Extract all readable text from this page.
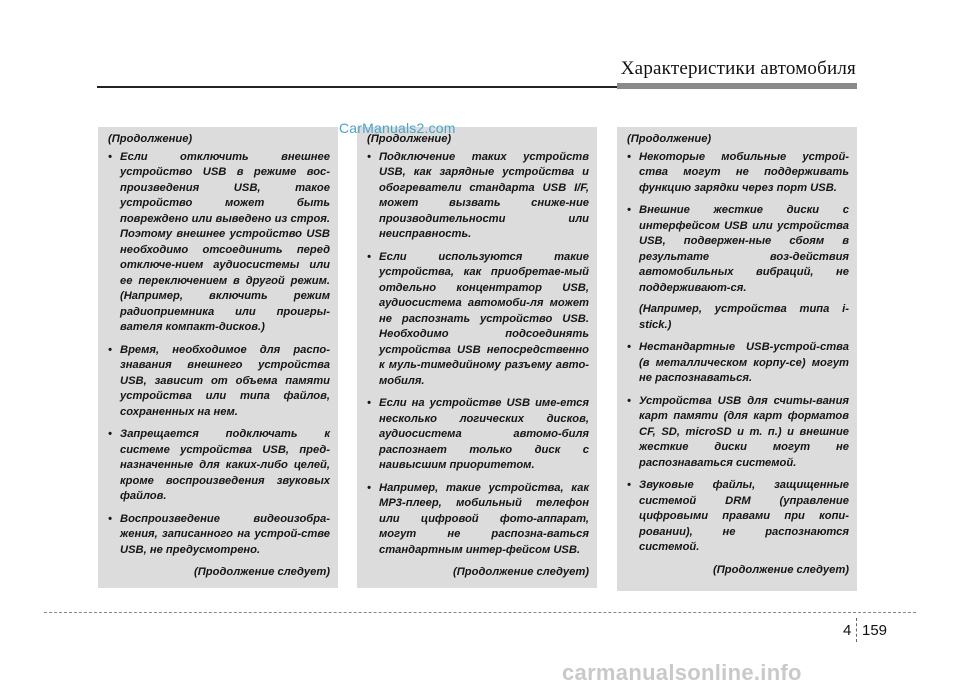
Характеристики автомобиля

(Продолжение)

• Если отключить внешнее устройство USB в режиме вос-произведения USB, такое устройство может быть повреждено или выведено из строя. Поэтому внешнее устройство USB необходимо отсоединить перед отключе-нием аудиосистемы или ее переключением в другой режим. (Например, включить режим радиоприемника или проигры-вателя компакт-дисков.)
• Время, необходимое для распо-знавания внешнего устройства USB, зависит от объема памяти устройства или типа файлов, сохраненных на нем.
• Запрещается подключать к системе устройства USB, пред-назначенные для каких-либо целей, кроме воспроизведения звуковых файлов.
• Воспроизведение видеоизобра-жения, записанного на устрой-стве USB, не предусмотрено.
(Продолжение следует)

(Продолжение)

• Подключение таких устройств USB, как зарядные устройства и обогреватели стандарта USB I/F, может вызвать сниже-ние производительности или неисправность.
• Если используются такие устройства, как приобретае-мый отдельно концентратор USB, аудиосистема автомоби-ля может не распознать устройство USB. Необходимо подсоединять устройства USB непосредственно к муль-тимедийному разъему авто-мобиля.
• Если на устройстве USB име-ется несколько логических дисков, аудиосистема автомо-биля распознает только диск с наивысшим приоритетом.
• Например, такие устройства, как MP3-плеер, мобильный телефон или цифровой фото-аппарат, могут не распозна-ваться стандартным интер-фейсом USB.
(Продолжение следует)

(Продолжение)

• Некоторые мобильные устрой-ства могут не поддерживать функцию зарядки через порт USB.
• Внешние жесткие диски с интерфейсом USB или устройства USB, подвержен-ные сбоям в результате воз-действия автомобильных вибраций, не поддерживают-ся.
(Например, устройства типа i-stick.)
• Нестандартные USB-устрой-ства (в металлическом корпу-се) могут не распознаваться.
• Устройства USB для считы-вания карт памяти (для карт форматов CF, SD, microSD и т. п.) и внешние жесткие диски могут не распознаваться системой.
• Звуковые файлы, защищенные системой DRM (управление цифровыми правами при копи-ровании), не распознаются системой.
(Продолжение следует)
CarManuals2.com
4 159
carmanualsonline.info
